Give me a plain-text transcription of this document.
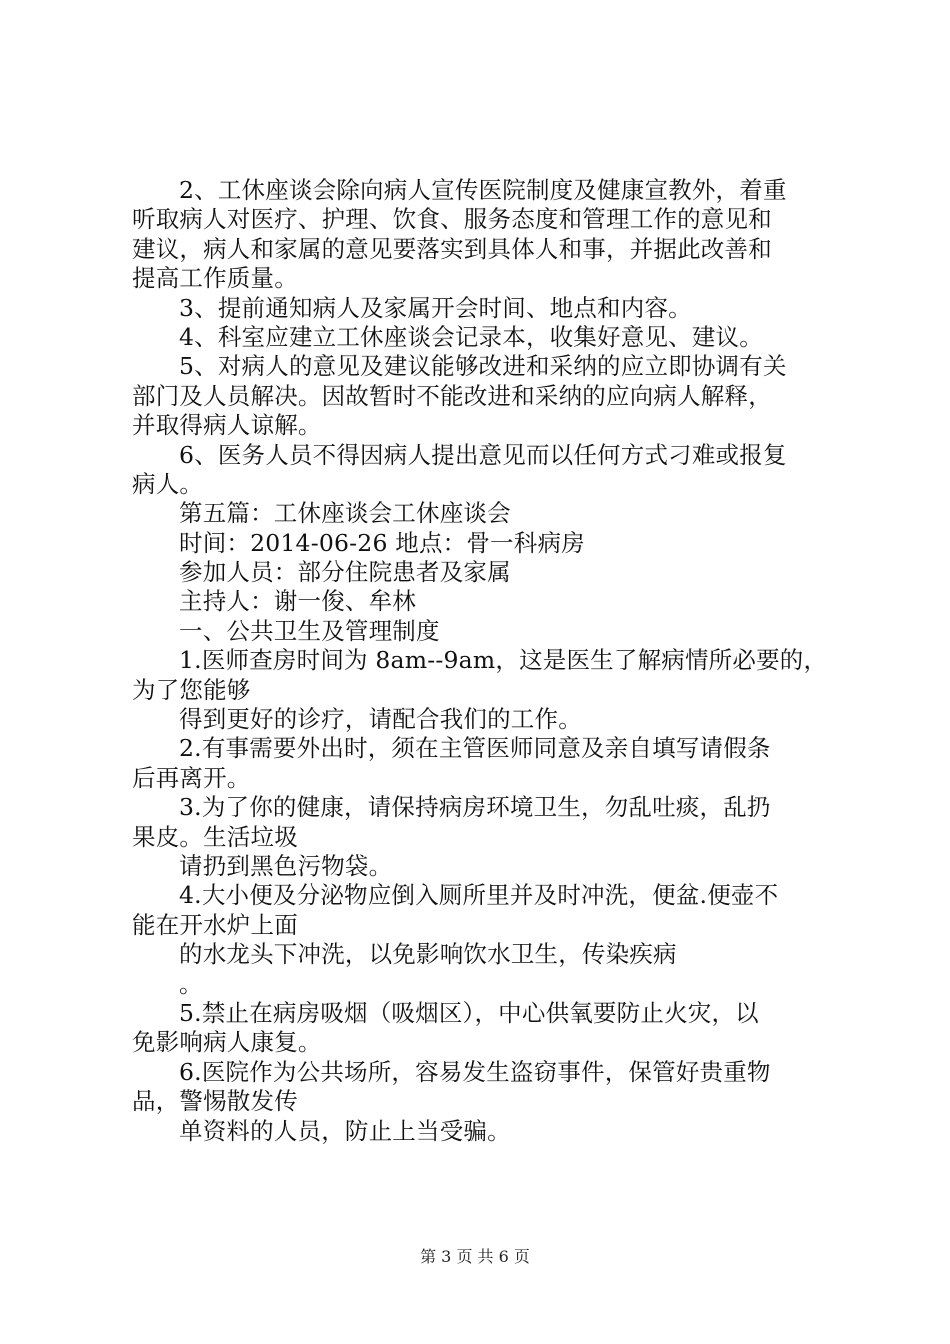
2、工休座谈会除向病人宣传医院制度及健康宣教外，着重
听取病人对医疗、护理、饮食、服务态度和管理工作的意见和
建议，病人和家属的意见要落实到具体人和事，并据此改善和
提高工作质量。
3、提前通知病人及家属开会时间、地点和内容。
4、科室应建立工休座谈会记录本，收集好意见、建议。
5、对病人的意见及建议能够改进和采纳的应立即协调有关
部门及人员解决。因故暂时不能改进和采纳的应向病人解释，
并取得病人谅解。
6、医务人员不得因病人提出意见而以任何方式刁难或报复
病人。
第五篇：工休座谈会工休座谈会
时间：2014-06-26 地点：骨一科病房
参加人员：部分住院患者及家属
主持人：谢一俊、牟林
一、公共卫生及管理制度
1.医师查房时间为 8am--9am，这是医生了解病情所必要的，
为了您能够
得到更好的诊疗，请配合我们的工作。
2.有事需要外出时，须在主管医师同意及亲自填写请假条
后再离开。
3.为了你的健康，请保持病房环境卫生，勿乱吐痰，乱扔
果皮。生活垃圾
请扔到黑色污物袋。
4.大小便及分泌物应倒入厕所里并及时冲洗，便盆.便壶不
能在开水炉上面
的水龙头下冲洗，以免影响饮水卫生，传染疾病
。
5.禁止在病房吸烟（吸烟区），中心供氧要防止火灾，以
免影响病人康复。
6.医院作为公共场所，容易发生盗窃事件，保管好贵重物
品，警惕散发传
单资料的人员，防止上当受骗。
第 3 页 共 6 页
